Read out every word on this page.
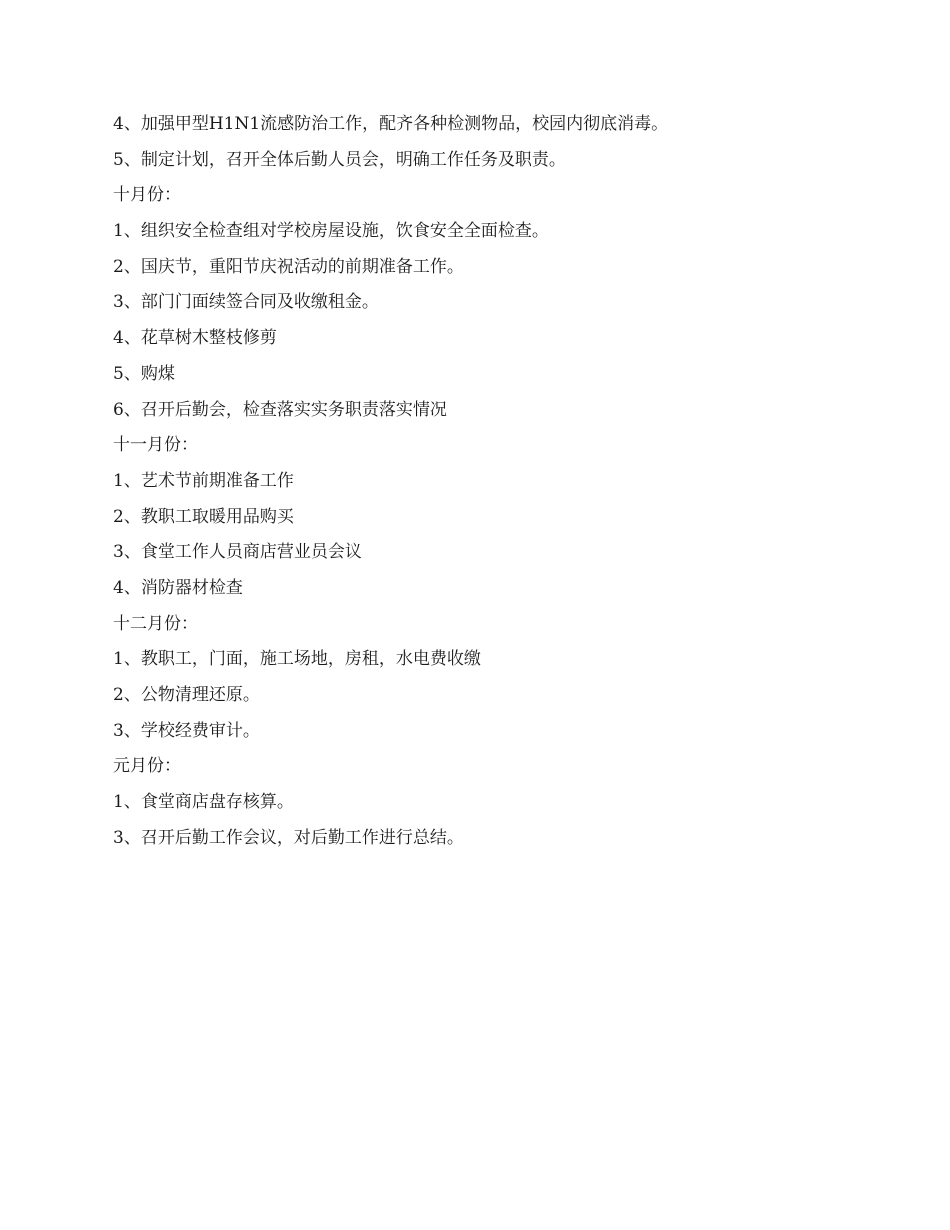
4、加强甲型H1N1流感防治工作，配齐各种检测物品，校园内彻底消毒。
5、制定计划，召开全体后勤人员会，明确工作任务及职责。
十月份：
1、组织安全检查组对学校房屋设施，饮食安全全面检查。
2、国庆节，重阳节庆祝活动的前期准备工作。
3、部门门面续签合同及收缴租金。
4、花草树木整枝修剪
5、购煤
6、召开后勤会，检查落实实务职责落实情况
十一月份：
1、艺术节前期准备工作
2、教职工取暖用品购买
3、食堂工作人员商店营业员会议
4、消防器材检查
十二月份：
1、教职工，门面，施工场地，房租，水电费收缴
2、公物清理还原。
3、学校经费审计。
元月份：
1、食堂商店盘存核算。
3、召开后勤工作会议，对后勤工作进行总结。
